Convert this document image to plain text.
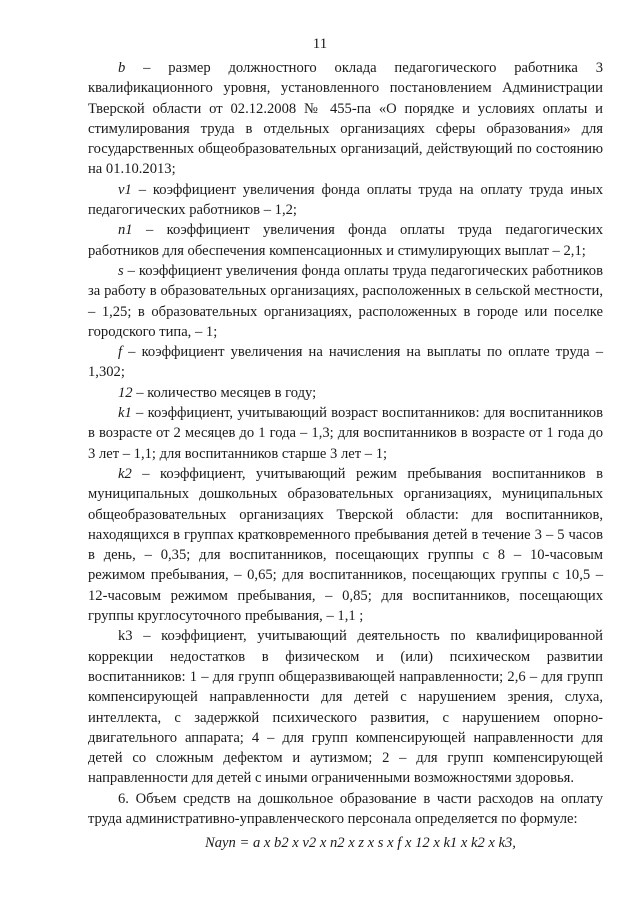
11

b – размер должностного оклада педагогического работника 3 квалификационного уровня, установленного постановлением Администрации Тверской области от 02.12.2008 № 455-па «О порядке и условиях оплаты и стимулирования труда в отдельных организациях сферы образования» для государственных общеобразовательных организаций, действующий по состоянию на 01.10.2013;

v1 – коэффициент увеличения фонда оплаты труда на оплату труда иных педагогических работников – 1,2;

n1 – коэффициент увеличения фонда оплаты труда педагогических работников для обеспечения компенсационных и стимулирующих выплат – 2,1;

s – коэффициент увеличения фонда оплаты труда педагогических работников за работу в образовательных организациях, расположенных в сельской местности, – 1,25; в образовательных организациях, расположенных в городе или поселке городского типа, – 1;

f – коэффициент увеличения на начисления на выплаты по оплате труда – 1,302;

12 – количество месяцев в году;

k1 – коэффициент, учитывающий возраст воспитанников: для воспитанников в возрасте от 2 месяцев до 1 года – 1,3; для воспитанников в возрасте от 1 года до 3 лет – 1,1; для воспитанников старше 3 лет – 1;

k2 – коэффициент, учитывающий режим пребывания воспитанников в муниципальных дошкольных образовательных организациях, муниципальных общеобразовательных организациях Тверской области: для воспитанников, находящихся в группах кратковременного пребывания детей в течение 3 – 5 часов в день, – 0,35; для воспитанников, посещающих группы с 8 – 10-часовым режимом пребывания, – 0,65; для воспитанников, посещающих группы с 10,5 – 12-часовым режимом пребывания, – 0,85; для воспитанников, посещающих группы круглосуточного пребывания, – 1,1 ;

k3 – коэффициент, учитывающий деятельность по квалифицированной коррекции недостатков в физическом и (или) психическом развитии воспитанников: 1 – для групп общеразвивающей направленности; 2,6 – для групп компенсирующей направленности для детей с нарушением зрения, слуха, интеллекта, с задержкой психического развития, с нарушением опорно-двигательного аппарата; 4 – для групп компенсирующей направленности для детей со сложным дефектом и аутизмом; 2 – для групп компенсирующей направленности для детей с иными ограниченными возможностями здоровья.

6. Объем средств на дошкольное образование в части расходов на оплату труда административно-управленческого персонала определяется по формуле:

Nayn = a x b2 x v2 x n2 x z x s x f x 12 x k1 x k2 x k3,
